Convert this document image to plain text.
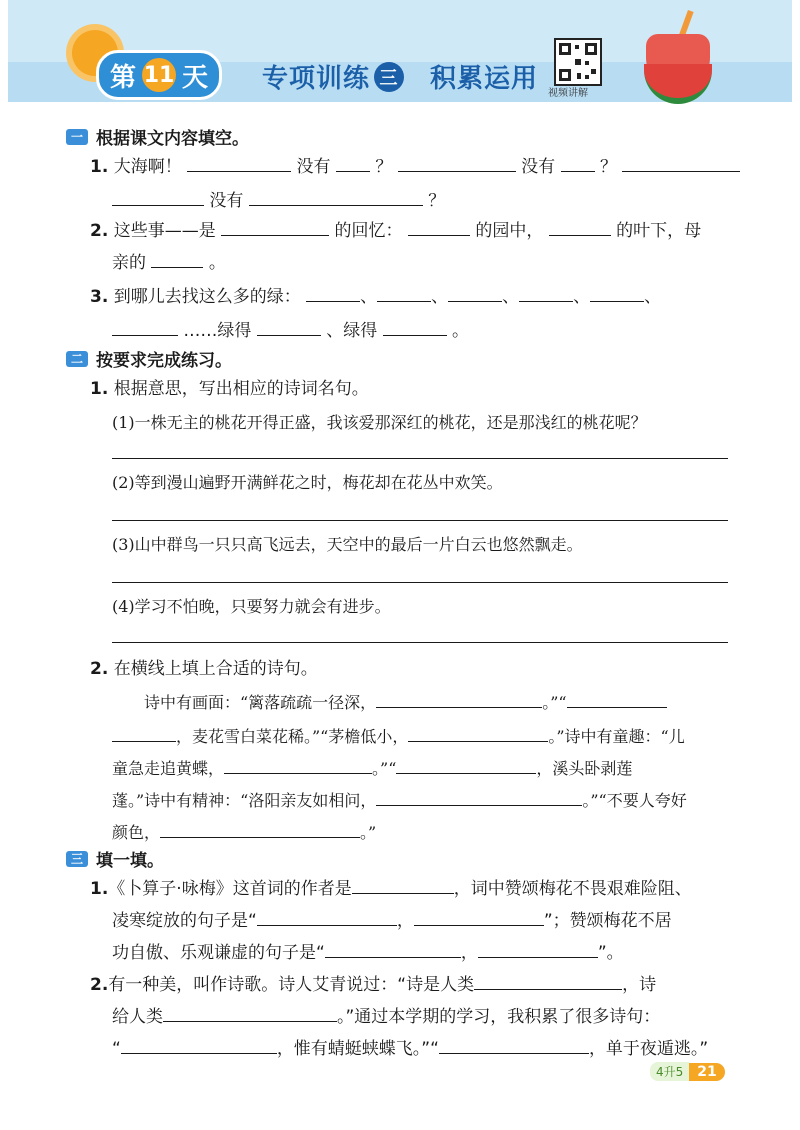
第 11 天 专项训练 三 积累运用 视频讲解
一 根据课文内容填空。
1. 大海啊！	没有	？	没有	？
没有	？
2. 这些事——是	的回忆：	的园中，	的叶下，母
亲的	。
3. 到哪儿去找这么多的绿：	、	、	、	、	、
……绿得	、绿得	。
二 按要求完成练习。
1. 根据意思，写出相应的诗词名句。
(1)一株无主的桃花开得正盛，我该爱那深红的桃花，还是那浅红的桃花呢？
(2)等到漫山遍野开满鲜花之时，梅花却在花丛中欢笑。
(3)山中群鸟一只只高飞远去，天空中的最后一片白云也悠然飘走。
(4)学习不怕晚，只要努力就会有进步。
2. 在横线上填上合适的诗句。
诗中有画面：“篱落疏疏一径深，	。”“
，麦花雪白菜花稀。”“茅檐低小，	。”诗中有童趣：“儿
童急走追黄蝶，	。”“	，溪头卧剥莲
蓬。”诗中有精神：“洛阳亲友如相问，	。”“不要人夸好
颜色，	。”
三 填一填。
1.《卜算子·咏梅》这首词的作者是	，词中赞颂梅花不畏艰难险阻、
凌寒绽放的句子是“	，	”；赞颂梅花不居
功自傲、乐观谦虚的句子是“	，	”。
2.有一种美，叫作诗歌。诗人艾青说过：“诗是人类	，诗
给人类	。”通过本学期的学习，我积累了很多诗句：
“	，惟有蜻蜓蛱蝶飞。”“	，单于夜遁逃。”
4升5	21
